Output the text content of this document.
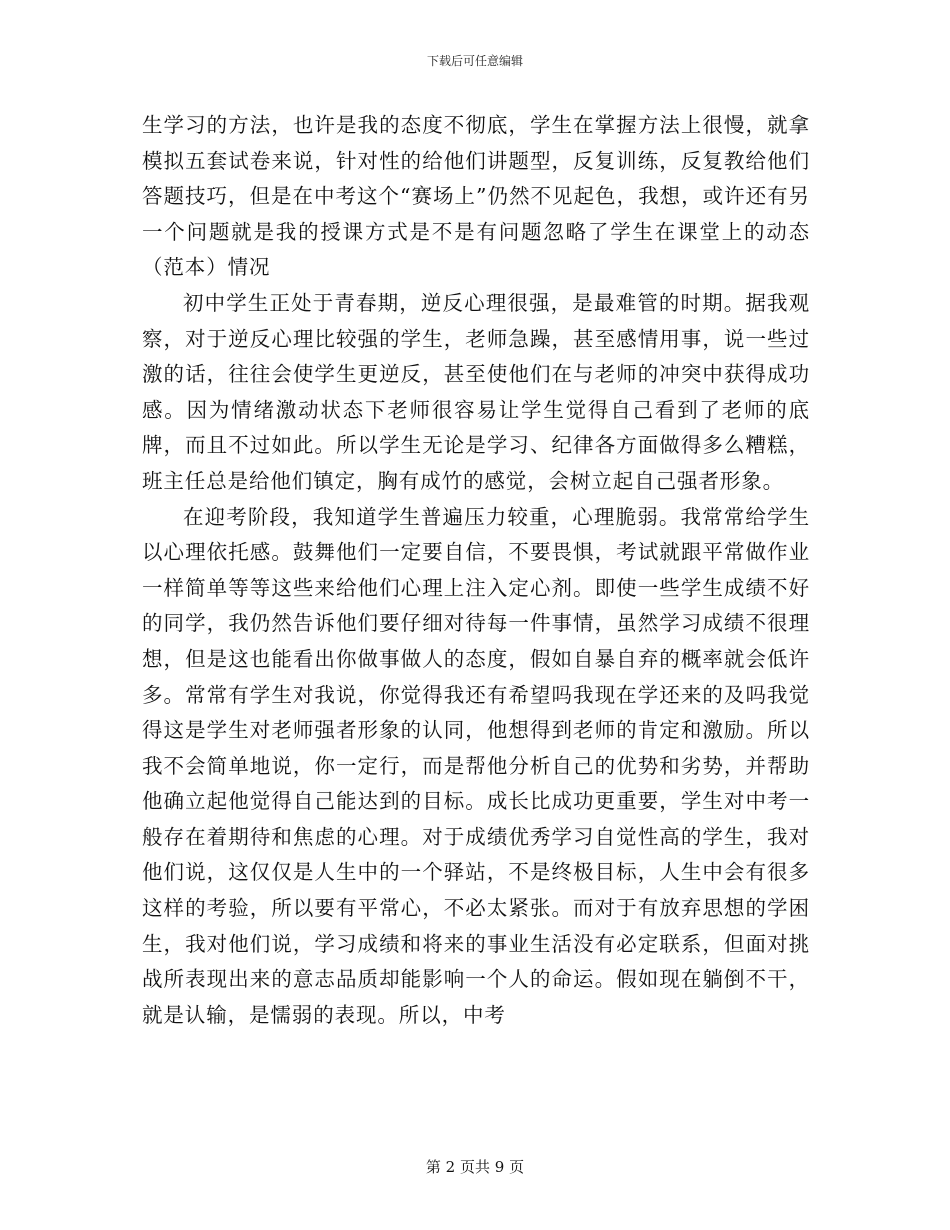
下载后可任意编辑

生学习的方法，也许是我的态度不彻底，学生在掌握方法上很慢，就拿模拟五套试卷来说，针对性的给他们讲题型，反复训练，反复教给他们答题技巧，但是在中考这个“赛场上”仍然不见起色，我想，或许还有另一个问题就是我的授课方式是不是有问题忽略了学生在课堂上的动态（范本）情况

初中学生正处于青春期，逆反心理很强，是最难管的时期。据我观察，对于逆反心理比较强的学生，老师急躁，甚至感情用事，说一些过激的话，往往会使学生更逆反，甚至使他们在与老师的冲突中获得成功感。因为情绪激动状态下老师很容易让学生觉得自己看到了老师的底牌，而且不过如此。所以学生无论是学习、纪律各方面做得多么糟糕，班主任总是给他们镇定，胸有成竹的感觉，会树立起自己强者形象。

在迎考阶段，我知道学生普遍压力较重，心理脆弱。我常常给学生以心理依托感。鼓舞他们一定要自信，不要畏惧，考试就跟平常做作业一样简单等等这些来给他们心理上注入定心剂。即使一些学生成绩不好的同学，我仍然告诉他们要仔细对待每一件事情，虽然学习成绩不很理想，但是这也能看出你做事做人的态度，假如自暴自弃的概率就会低许多。常常有学生对我说，你觉得我还有希望吗我现在学还来的及吗我觉得这是学生对老师强者形象的认同，他想得到老师的肯定和激励。所以我不会简单地说，你一定行，而是帮他分析自己的优势和劣势，并帮助他确立起他觉得自己能达到的目标。成长比成功更重要，学生对中考一般存在着期待和焦虑的心理。对于成绩优秀学习自觉性高的学生，我对他们说，这仅仅是人生中的一个驿站，不是终极目标，人生中会有很多这样的考验，所以要有平常心，不必太紧张。而对于有放弃思想的学困生，我对他们说，学习成绩和将来的事业生活没有必定联系，但面对挑战所表现出来的意志品质却能影响一个人的命运。假如现在躺倒不干，就是认输，是懦弱的表现。所以，中考

第 2 页共 9 页
